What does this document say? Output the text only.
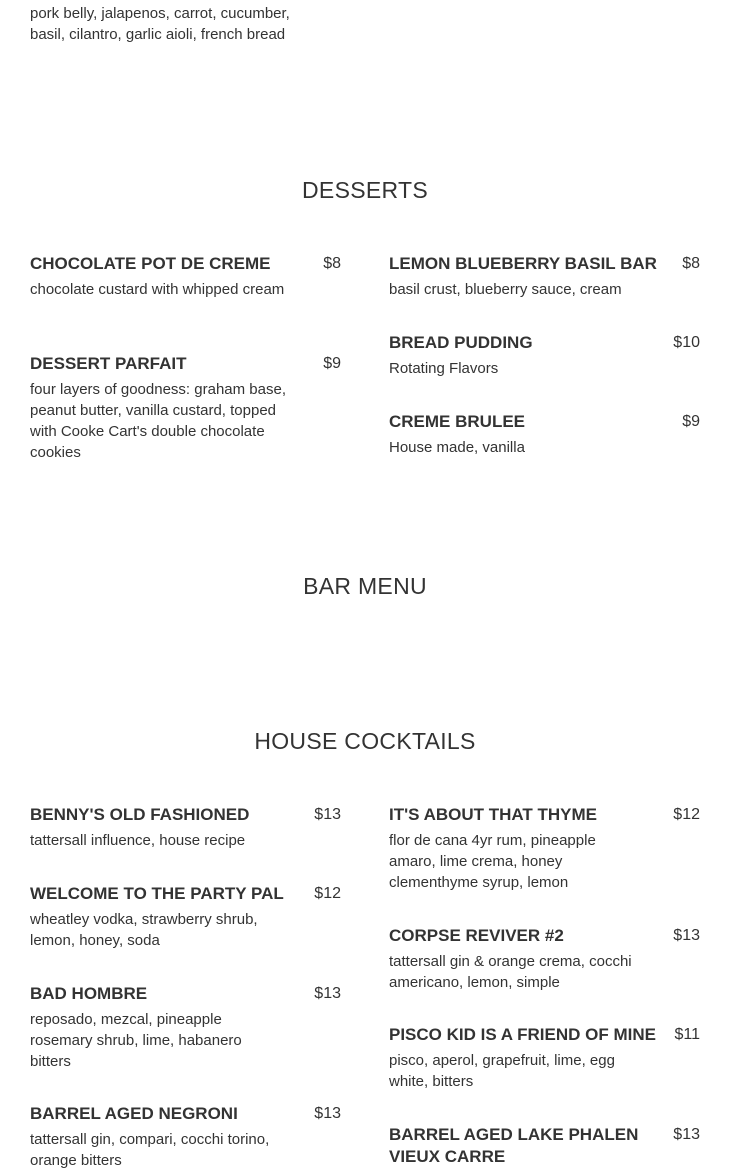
pork belly, jalapenos, carrot, cucumber, basil, cilantro, garlic aioli, french bread
DESSERTS
CHOCOLATE POT DE CREME	$8
chocolate custard with whipped cream
DESSERT PARFAIT	$9
four layers of goodness: graham base, peanut butter, vanilla custard, topped with Cooke Cart's double chocolate cookies
LEMON BLUEBERRY BASIL BAR $8
basil crust, blueberry sauce, cream
BREAD PUDDING	$10
Rotating Flavors
CREME BRULEE	$9
House made, vanilla
BAR MENU
HOUSE COCKTAILS
BENNY'S OLD FASHIONED	$13
tattersall influence, house recipe
WELCOME TO THE PARTY PAL	$12
wheatley vodka, strawberry shrub, lemon, honey, soda
BAD HOMBRE	$13
reposado, mezcal, pineapple rosemary shrub, lime, habanero bitters
BARREL AGED NEGRONI	$13
tattersall gin, compari, cocchi torino, orange bitters
IT'S ABOUT THAT THYME	$12
flor de cana 4yr rum, pineapple amaro, lime crema, honey clementhyme syrup, lemon
CORPSE REVIVER #2	$13
tattersall gin & orange crema, cocchi americano, lemon, simple
PISCO KID IS A FRIEND OF MINE	$11
pisco, aperol, grapefruit, lime, egg white, bitters
BARREL AGED LAKE PHALEN VIEUX CARRE
$13
